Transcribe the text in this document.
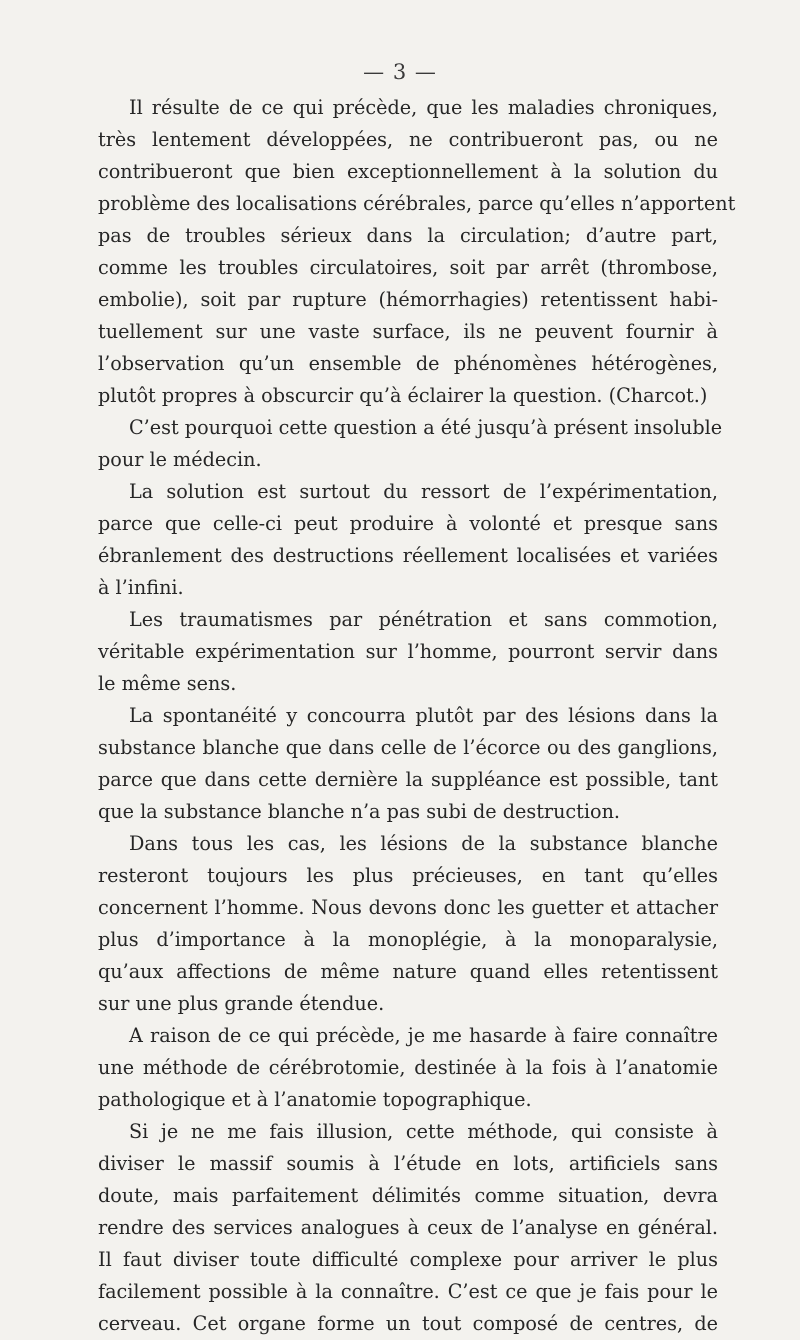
— 3 —
Il résulte de ce qui précède, que les maladies chroniques,
très lentement développées, ne contribueront pas, ou ne
contribueront que bien exceptionnellement à la solution du
problème des localisations cérébrales, parce qu’elles n’apportent
pas de troubles sérieux dans la circulation; d’autre part,
comme les troubles circulatoires, soit par arrêt (thrombose,
embolie), soit par rupture (hémorrhagies) retentissent habi-
tuellement sur une vaste surface, ils ne peuvent fournir à
l’observation qu’un ensemble de phénomènes hétérogènes,
plutôt propres à obscurcir qu’à éclairer la question. (Charcot.)
C’est pourquoi cette question a été jusqu’à présent insoluble
pour le médecin.
La solution est surtout du ressort de l’expérimentation,
parce que celle-ci peut produire à volonté et presque sans
ébranlement des destructions réellement localisées et variées
à l’infini.
Les traumatismes par pénétration et sans commotion,
véritable expérimentation sur l’homme, pourront servir dans
le même sens.
La spontanéité y concourra plutôt par des lésions dans la
substance blanche que dans celle de l’écorce ou des ganglions,
parce que dans cette dernière la suppléance est possible, tant
que la substance blanche n’a pas subi de destruction.
Dans tous les cas, les lésions de la substance blanche
resteront toujours les plus précieuses, en tant qu’elles
concernent l’homme. Nous devons donc les guetter et attacher
plus d’importance à la monoplégie, à la monoparalysie,
qu’aux affections de même nature quand elles retentissent
sur une plus grande étendue.
A raison de ce qui précède, je me hasarde à faire connaître
une méthode de cérébrotomie, destinée à la fois à l’anatomie
pathologique et à l’anatomie topographique.
Si je ne me fais illusion, cette méthode, qui consiste à
diviser le massif soumis à l’étude en lots, artificiels sans
doute, mais parfaitement délimités comme situation, devra
rendre des services analogues à ceux de l’analyse en général.
Il faut diviser toute difficulté complexe pour arriver le plus
facilement possible à la connaître. C’est ce que je fais pour le
cerveau. Cet organe forme un tout composé de centres, de
